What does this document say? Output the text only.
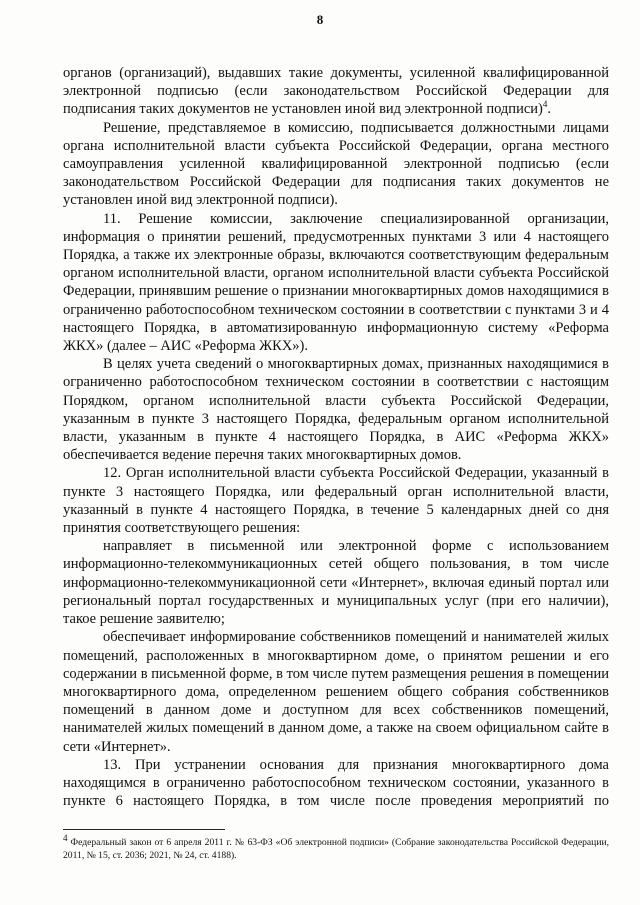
8

органов (организаций), выдавших такие документы, усиленной квалифицированной электронной подписью (если законодательством Российской Федерации для подписания таких документов не установлен иной вид электронной подписи)$^4$.

Решение, представляемое в комиссию, подписывается должностными лицами органа исполнительной власти субъекта Российской Федерации, органа местного самоуправления усиленной квалифицированной электронной подписью (если законодательством Российской Федерации для подписания таких документов не установлен иной вид электронной подписи).

11. Решение комиссии, заключение специализированной организации, информация о принятии решений, предусмотренных пунктами 3 или 4 настоящего Порядка, а также их электронные образы, включаются соответствующим федеральным органом исполнительной власти, органом исполнительной власти субъекта Российской Федерации, принявшим решение о признании многоквартирных домов находящимися в ограниченно работоспособном техническом состоянии в соответствии с пунктами 3 и 4 настоящего Порядка, в автоматизированную информационную систему «Реформа ЖКХ» (далее – АИС «Реформа ЖКХ»).

В целях учета сведений о многоквартирных домах, признанных находящимися в ограниченно работоспособном техническом состоянии в соответствии с настоящим Порядком, органом исполнительной власти субъекта Российской Федерации, указанным в пункте 3 настоящего Порядка, федеральным органом исполнительной власти, указанным в пункте 4 настоящего Порядка, в АИС «Реформа ЖКХ» обеспечивается ведение перечня таких многоквартирных домов.

12. Орган исполнительной власти субъекта Российской Федерации, указанный в пункте 3 настоящего Порядка, или федеральный орган исполнительной власти, указанный в пункте 4 настоящего Порядка, в течение 5 календарных дней со дня принятия соответствующего решения:

направляет в письменной или электронной форме с использованием информационно-телекоммуникационных сетей общего пользования, в том числе информационно-телекоммуникационной сети «Интернет», включая единый портал или региональный портал государственных и муниципальных услуг (при его наличии), такое решение заявителю;

обеспечивает информирование собственников помещений и нанимателей жилых помещений, расположенных в многоквартирном доме, о принятом решении и его содержании в письменной форме, в том числе путем размещения решения в помещении многоквартирного дома, определенном решением общего собрания собственников помещений в данном доме и доступном для всех собственников помещений, нанимателей жилых помещений в данном доме, а также на своем официальном сайте в сети «Интернет».

13. При устранении основания для признания многоквартирного дома находящимся в ограниченно работоспособном техническом состоянии, указанного в пункте 6 настоящего Порядка, в том числе после проведения мероприятий по

$^4$ Федеральный закон от 6 апреля 2011 г. № 63-ФЗ «Об электронной подписи» (Собрание законодательства Российской Федерации, 2011, № 15, ст. 2036; 2021, № 24, ст. 4188).
